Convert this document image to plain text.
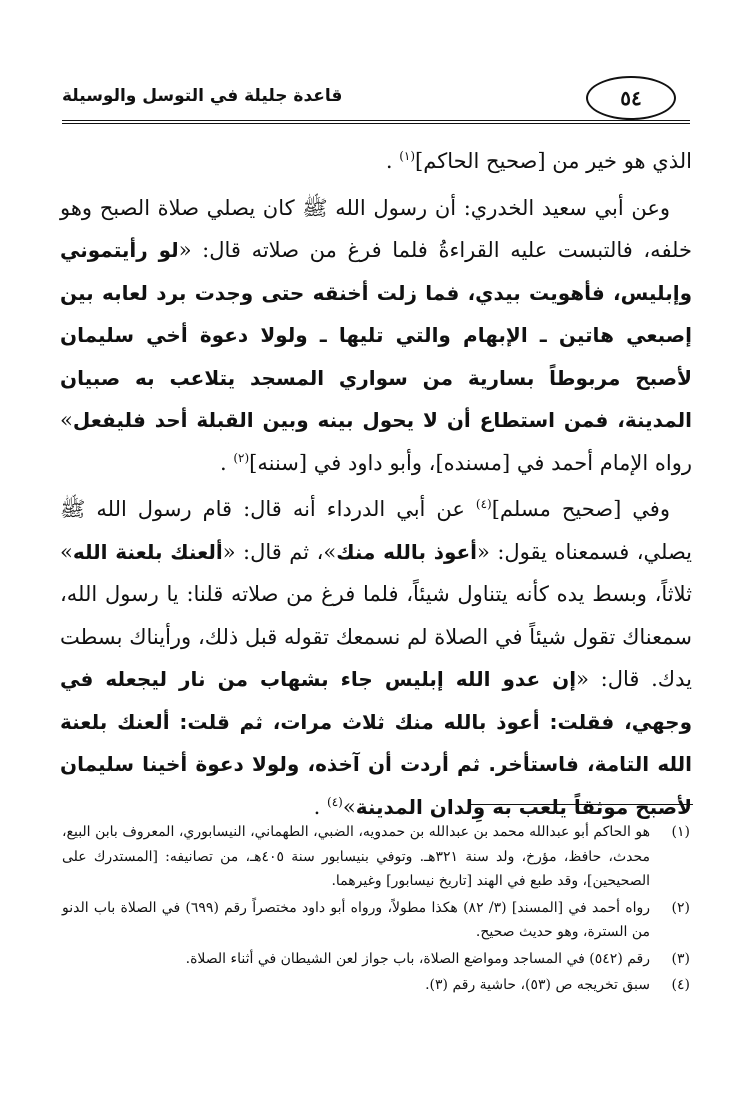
قاعدة جليلة في التوسل والوسيلة	٥٤

الذي هو خير من [صحيح الحاكم]$^{(١)}$ .

وعن أبي سعيد الخدري: أن رسول الله ﷺ كان يصلي صلاة الصبح وهو خلفه، فالتبست عليه القراءةُ فلما فرغ من صلاته قال: «لو رأيتموني وإبليس، فأهويت بيدي، فما زلت أخنقه حتى وجدت برد لعابه بين إصبعي هاتين ـ الإبهام والتي تليها ـ ولولا دعوة أخي سليمان لأصبح مربوطاً بسارية من سواري المسجد يتلاعب به صبيان المدينة، فمن استطاع أن لا يحول بينه وبين القبلة أحد فليفعل» رواه الإمام أحمد في [مسنده]، وأبو داود في [سننه]$^{(٢)}$ .

وفي [صحيح مسلم]$^{(٤)}$ عن أبي الدرداء أنه قال: قام رسول الله ﷺ يصلي، فسمعناه يقول: «أعوذ بالله منك»، ثم قال: «ألعنك بلعنة الله» ثلاثاً، وبسط يده كأنه يتناول شيئاً، فلما فرغ من صلاته قلنا: يا رسول الله، سمعناك تقول شيئاً في الصلاة لم نسمعك تقوله قبل ذلك، ورأيناك بسطت يدك. قال: «إن عدو الله إبليس جاء بشهاب من نار ليجعله في وجهي، فقلت: أعوذ بالله منك ثلاث مرات، ثم قلت: ألعنك بلعنة الله التامة، فاستأخر. ثم أردت أن آخذه، ولولا دعوة أخينا سليمان لأصبح موثقاً يلعب به وِلدان المدينة»$^{(٤)}$ .

(١)
هو الحاكم أبو عبدالله محمد بن عبدالله بن حمدويه، الضبي، الطهماني، النيسابوري، المعروف بابن البيع، محدث، حافظ، مؤرخ، ولد سنة ٣٢١هـ. وتوفي بنيسابور سنة ٤٠٥هـ، من تصانيفه: [المستدرك على الصحيحين]، وقد طبع في الهند [تاريخ نيسابور] وغيرهما.
(٢)
رواه أحمد في [المسند] (٣/ ٨٢) هكذا مطولاً، ورواه أبو داود مختصراً رقم (٦٩٩) في الصلاة باب الدنو من السترة، وهو حديث صحيح.
(٣)
رقم (٥٤٢) في المساجد ومواضع الصلاة، باب جواز لعن الشيطان في أثناء الصلاة.
(٤)
سبق تخريجه ص (٥٣)، حاشية رقم (٣).
